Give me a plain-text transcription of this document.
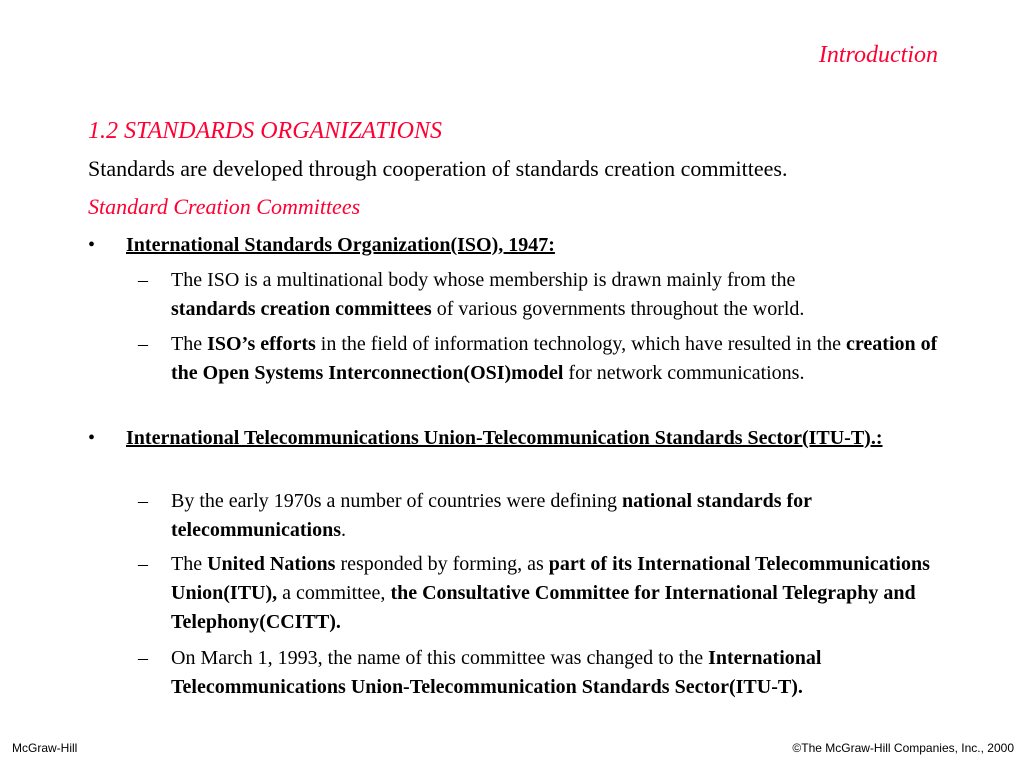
Introduction
1.2 STANDARDS ORGANIZATIONS
Standards are developed through cooperation of standards creation committees.
Standard Creation Committees
• International Standards Organization(ISO), 1947:
– The ISO is a multinational body whose membership is drawn mainly from the
standards creation committees of various governments throughout the world.
– The ISO’s efforts in the field of information technology, which have resulted in the creation of the Open Systems Interconnection(OSI)model for network communications.
• International Telecommunications Union-Telecommunication Standards Sector(ITU-T).:
– By the early 1970s a number of countries were defining national standards for telecommunications.
– The United Nations responded by forming, as part of its International Telecommunications Union(ITU), a committee, the Consultative Committee for International Telegraphy and Telephony(CCITT).
– On March 1, 1993, the name of this committee was changed to the International Telecommunications Union-Telecommunication Standards Sector(ITU-T).
McGraw-Hill	©The McGraw-Hill Companies, Inc., 2000
